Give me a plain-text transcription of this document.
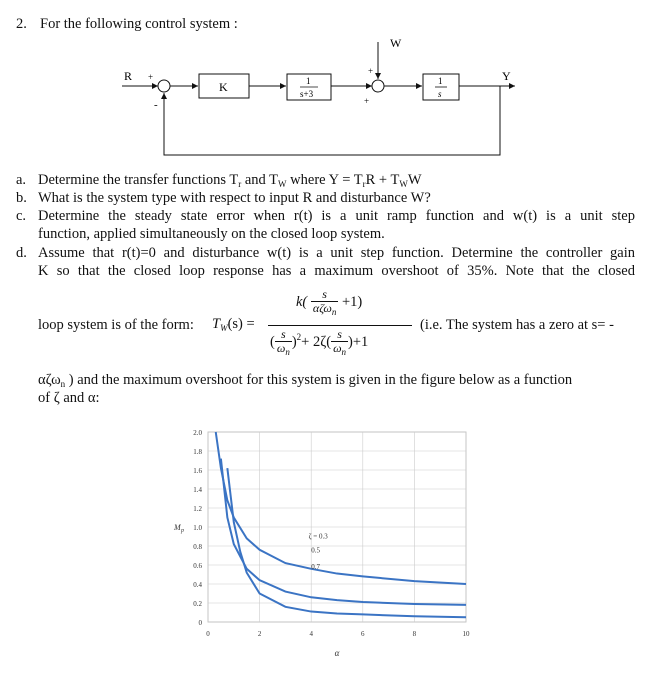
2. For the following control system :
R +
-
K	1
s+3
W
+
+
1
s
Y
a. Determine the transfer functions $T_r$ and $T_W$ where $Y = T_rR + T_WW$
b. What is the system type with respect to input R and disturbance W?
c. Determine the steady state error when r(t) is a unit ramp function and w(t) is a unit step
function, applied simultaneously on the closed loop system.
d. Assume that r(t)=0 and disturbance w(t) is a unit step function. Determine the controller gain
K so that the closed loop response has a maximum overshoot of 35%. Note that the closed
loop system is of the form: $T_W(s)$ =
$k( \frac{s}{\alpha\zeta\omega_n} +1)$
( $\frac{s}{\omega_n} )^2+ 2\zeta( \frac{s}{\omega_n} )+1$
(i.e. The system has a zero at s= -
αζω$_n$ ) and the maximum overshoot for this system is given in the figure below as a function
of ζ and α:
0
0.2
0.4
0.6
0.8
1.0
1.2
1.4
1.6
1.8
2.0
0	2	4	6	8	10
M p
α
ζ = 0.3
0.5
0.7
